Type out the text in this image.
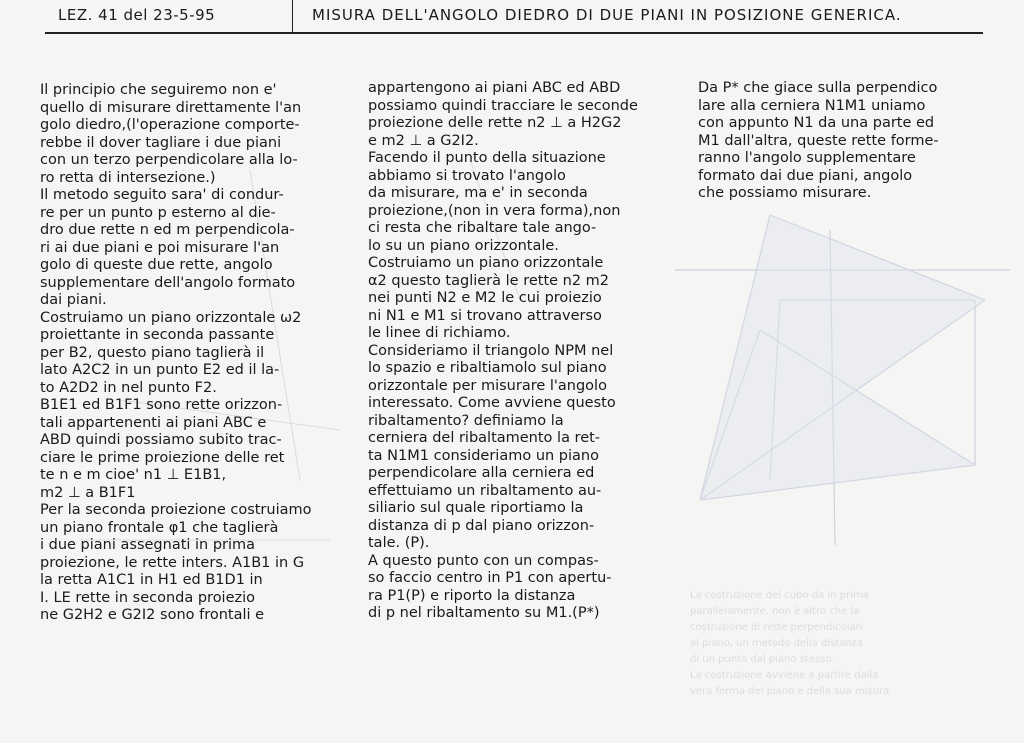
La costruzione del cubo da in prima
parallelamente, non è altro che la
costruzione di rette perpendicolari
al piano, un metodo della distanza
di un punto dal piano stesso.
La costruzione avviene a partire dalla
vera forma del piano e della sua misura
LEZ. 41 del 23-5-95	MISURA DELL'ANGOLO DIEDRO DI DUE PIANI IN POSIZIONE GENERICA.
Il principio che seguiremo non e'
quello di misurare direttamente l'an
golo diedro,(l'operazione comporte-
rebbe il dover tagliare i due piani
con un terzo perpendicolare alla lo-
ro retta di intersezione.)
Il metodo seguito sara' di condur-
re per un punto p esterno al die-
dro due rette n ed m perpendicola-
ri ai due piani e poi misurare l'an
golo di queste due rette, angolo
supplementare dell'angolo formato
dai piani.
Costruiamo un piano orizzontale ω2
proiettante in seconda passante
per B2, questo piano taglierà il
lato A2C2 in un punto E2 ed il la-
to A2D2 in nel punto F2.
B1E1 ed B1F1 sono rette orizzon-
tali appartenenti ai piani ABC e
ABD quindi possiamo subito trac-
ciare le prime proiezione delle ret
te n e m cioe' n1 ⊥ E1B1,
m2 ⊥ a B1F1
Per la seconda proiezione costruiamo
un piano frontale φ1 che taglierà
i due piani assegnati in prima
proiezione, le rette inters. A1B1 in G
la retta A1C1 in H1 ed B1D1 in
I. LE rette in seconda proiezio
ne G2H2 e G2I2 sono frontali e
appartengono ai piani ABC ed ABD
possiamo quindi tracciare le seconde
proiezione delle rette n2 ⊥ a H2G2
e m2 ⊥ a G2I2.
Facendo il punto della situazione
abbiamo si trovato l'angolo
da misurare, ma e' in seconda
proiezione,(non in vera forma),non
ci resta che ribaltare tale ango-
lo su un piano orizzontale.
Costruiamo un piano orizzontale
α2 questo taglierà le rette n2 m2
nei punti N2 e M2 le cui proiezio
ni N1 e M1 si trovano attraverso
le linee di richiamo.
Consideriamo il triangolo NPM nel
lo spazio e ribaltiamolo sul piano
orizzontale per misurare l'angolo
interessato. Come avviene questo
ribaltamento? definiamo la
cerniera del ribaltamento la ret-
ta N1M1 consideriamo un piano
perpendicolare alla cerniera ed
effettuiamo un ribaltamento au-
siliario sul quale riportiamo la
distanza di p dal piano orizzon-
tale. (P).
A questo punto con un compas-
so faccio centro in P1 con apertu-
ra P1(P) e riporto la distanza
di p nel ribaltamento su M1.(P*)
Da P* che giace sulla perpendico
lare alla cerniera N1M1 uniamo
con appunto N1 da una parte ed
M1 dall'altra, queste rette forme-
ranno l'angolo supplementare
formato dai due piani, angolo
che possiamo misurare.
